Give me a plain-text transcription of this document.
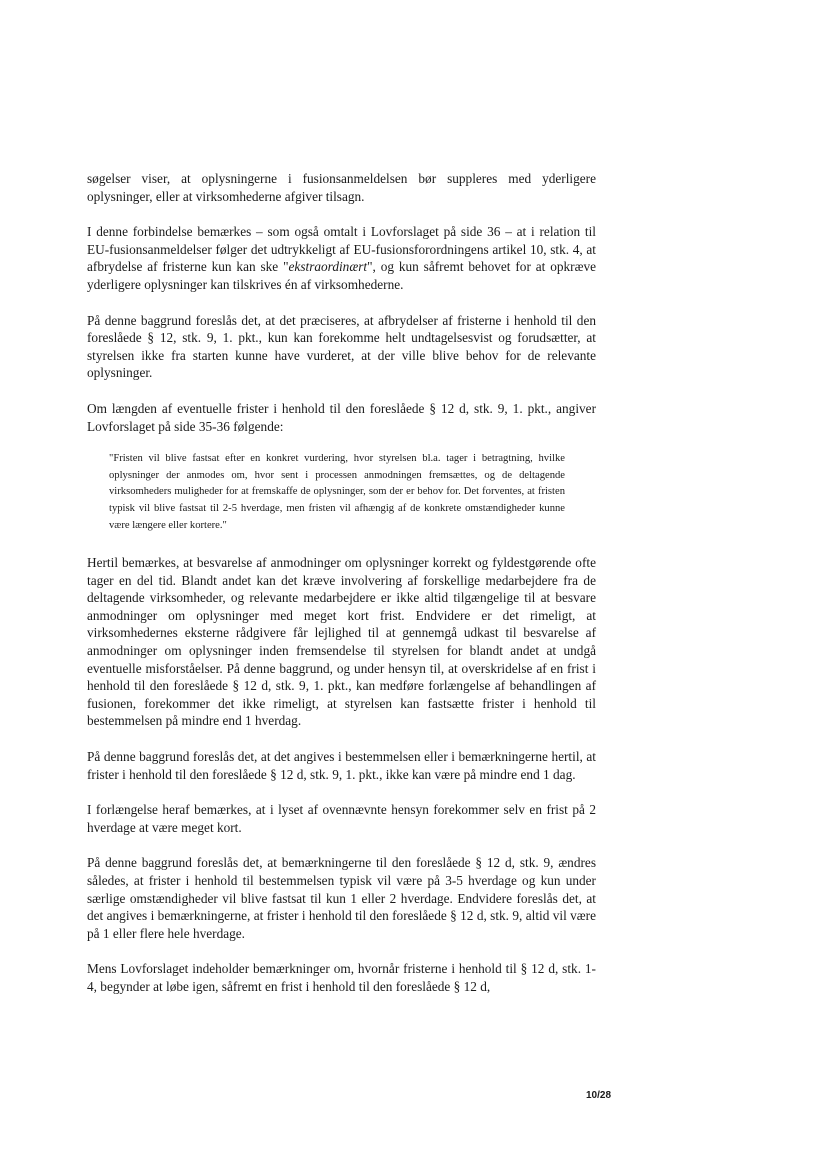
søgelser viser, at oplysningerne i fusionsanmeldelsen bør suppleres med yderligere oplysninger, eller at virksomhederne afgiver tilsagn.

I denne forbindelse bemærkes – som også omtalt i Lovforslaget på side 36 – at i relation til EU-fusionsanmeldelser følger det udtrykkeligt af EU-fusionsforordningens artikel 10, stk. 4, at afbrydelse af fristerne kun kan ske "ekstraordinært", og kun såfremt behovet for at opkræve yderligere oplysninger kan tilskrives én af virksomhederne.

På denne baggrund foreslås det, at det præciseres, at afbrydelser af fristerne i henhold til den foreslåede § 12, stk. 9, 1. pkt., kun kan forekomme helt undtagelsesvist og forudsætter, at styrelsen ikke fra starten kunne have vurderet, at der ville blive behov for de relevante oplysninger.

Om længden af eventuelle frister i henhold til den foreslåede § 12 d, stk. 9, 1. pkt., angiver Lovforslaget på side 35-36 følgende:

"Fristen vil blive fastsat efter en konkret vurdering, hvor styrelsen bl.a. tager i betragtning, hvilke oplysninger der anmodes om, hvor sent i processen anmodningen fremsættes, og de deltagende virksomheders muligheder for at fremskaffe de oplysninger, som der er behov for. Det forventes, at fristen typisk vil blive fastsat til 2-5 hverdage, men fristen vil afhængig af de konkrete omstændigheder kunne være længere eller kortere."

Hertil bemærkes, at besvarelse af anmodninger om oplysninger korrekt og fyldestgørende ofte tager en del tid. Blandt andet kan det kræve involvering af forskellige medarbejdere fra de deltagende virksomheder, og relevante medarbejdere er ikke altid tilgængelige til at besvare anmodninger om oplysninger med meget kort frist. Endvidere er det rimeligt, at virksomhedernes eksterne rådgivere får lejlighed til at gennemgå udkast til besvarelse af anmodninger om oplysninger inden fremsendelse til styrelsen for blandt andet at undgå eventuelle misforståelser. På denne baggrund, og under hensyn til, at overskridelse af en frist i henhold til den foreslåede § 12 d, stk. 9, 1. pkt., kan medføre forlængelse af behandlingen af fusionen, forekommer det ikke rimeligt, at styrelsen kan fastsætte frister i henhold til bestemmelsen på mindre end 1 hverdag.

På denne baggrund foreslås det, at det angives i bestemmelsen eller i bemærkningerne hertil, at frister i henhold til den foreslåede § 12 d, stk. 9, 1. pkt., ikke kan være på mindre end 1 dag.

I forlængelse heraf bemærkes, at i lyset af ovennævnte hensyn forekommer selv en frist på 2 hverdage at være meget kort.

På denne baggrund foreslås det, at bemærkningerne til den foreslåede § 12 d, stk. 9, ændres således, at frister i henhold til bestemmelsen typisk vil være på 3-5 hverdage og kun under særlige omstændigheder vil blive fastsat til kun 1 eller 2 hverdage. Endvidere foreslås det, at det angives i bemærkningerne, at frister i henhold til den foreslåede § 12 d, stk. 9, altid vil være på 1 eller flere hele hverdage.

Mens Lovforslaget indeholder bemærkninger om, hvornår fristerne i henhold til § 12 d, stk. 1-4, begynder at løbe igen, såfremt en frist i henhold til den foreslåede § 12 d,

10/28
